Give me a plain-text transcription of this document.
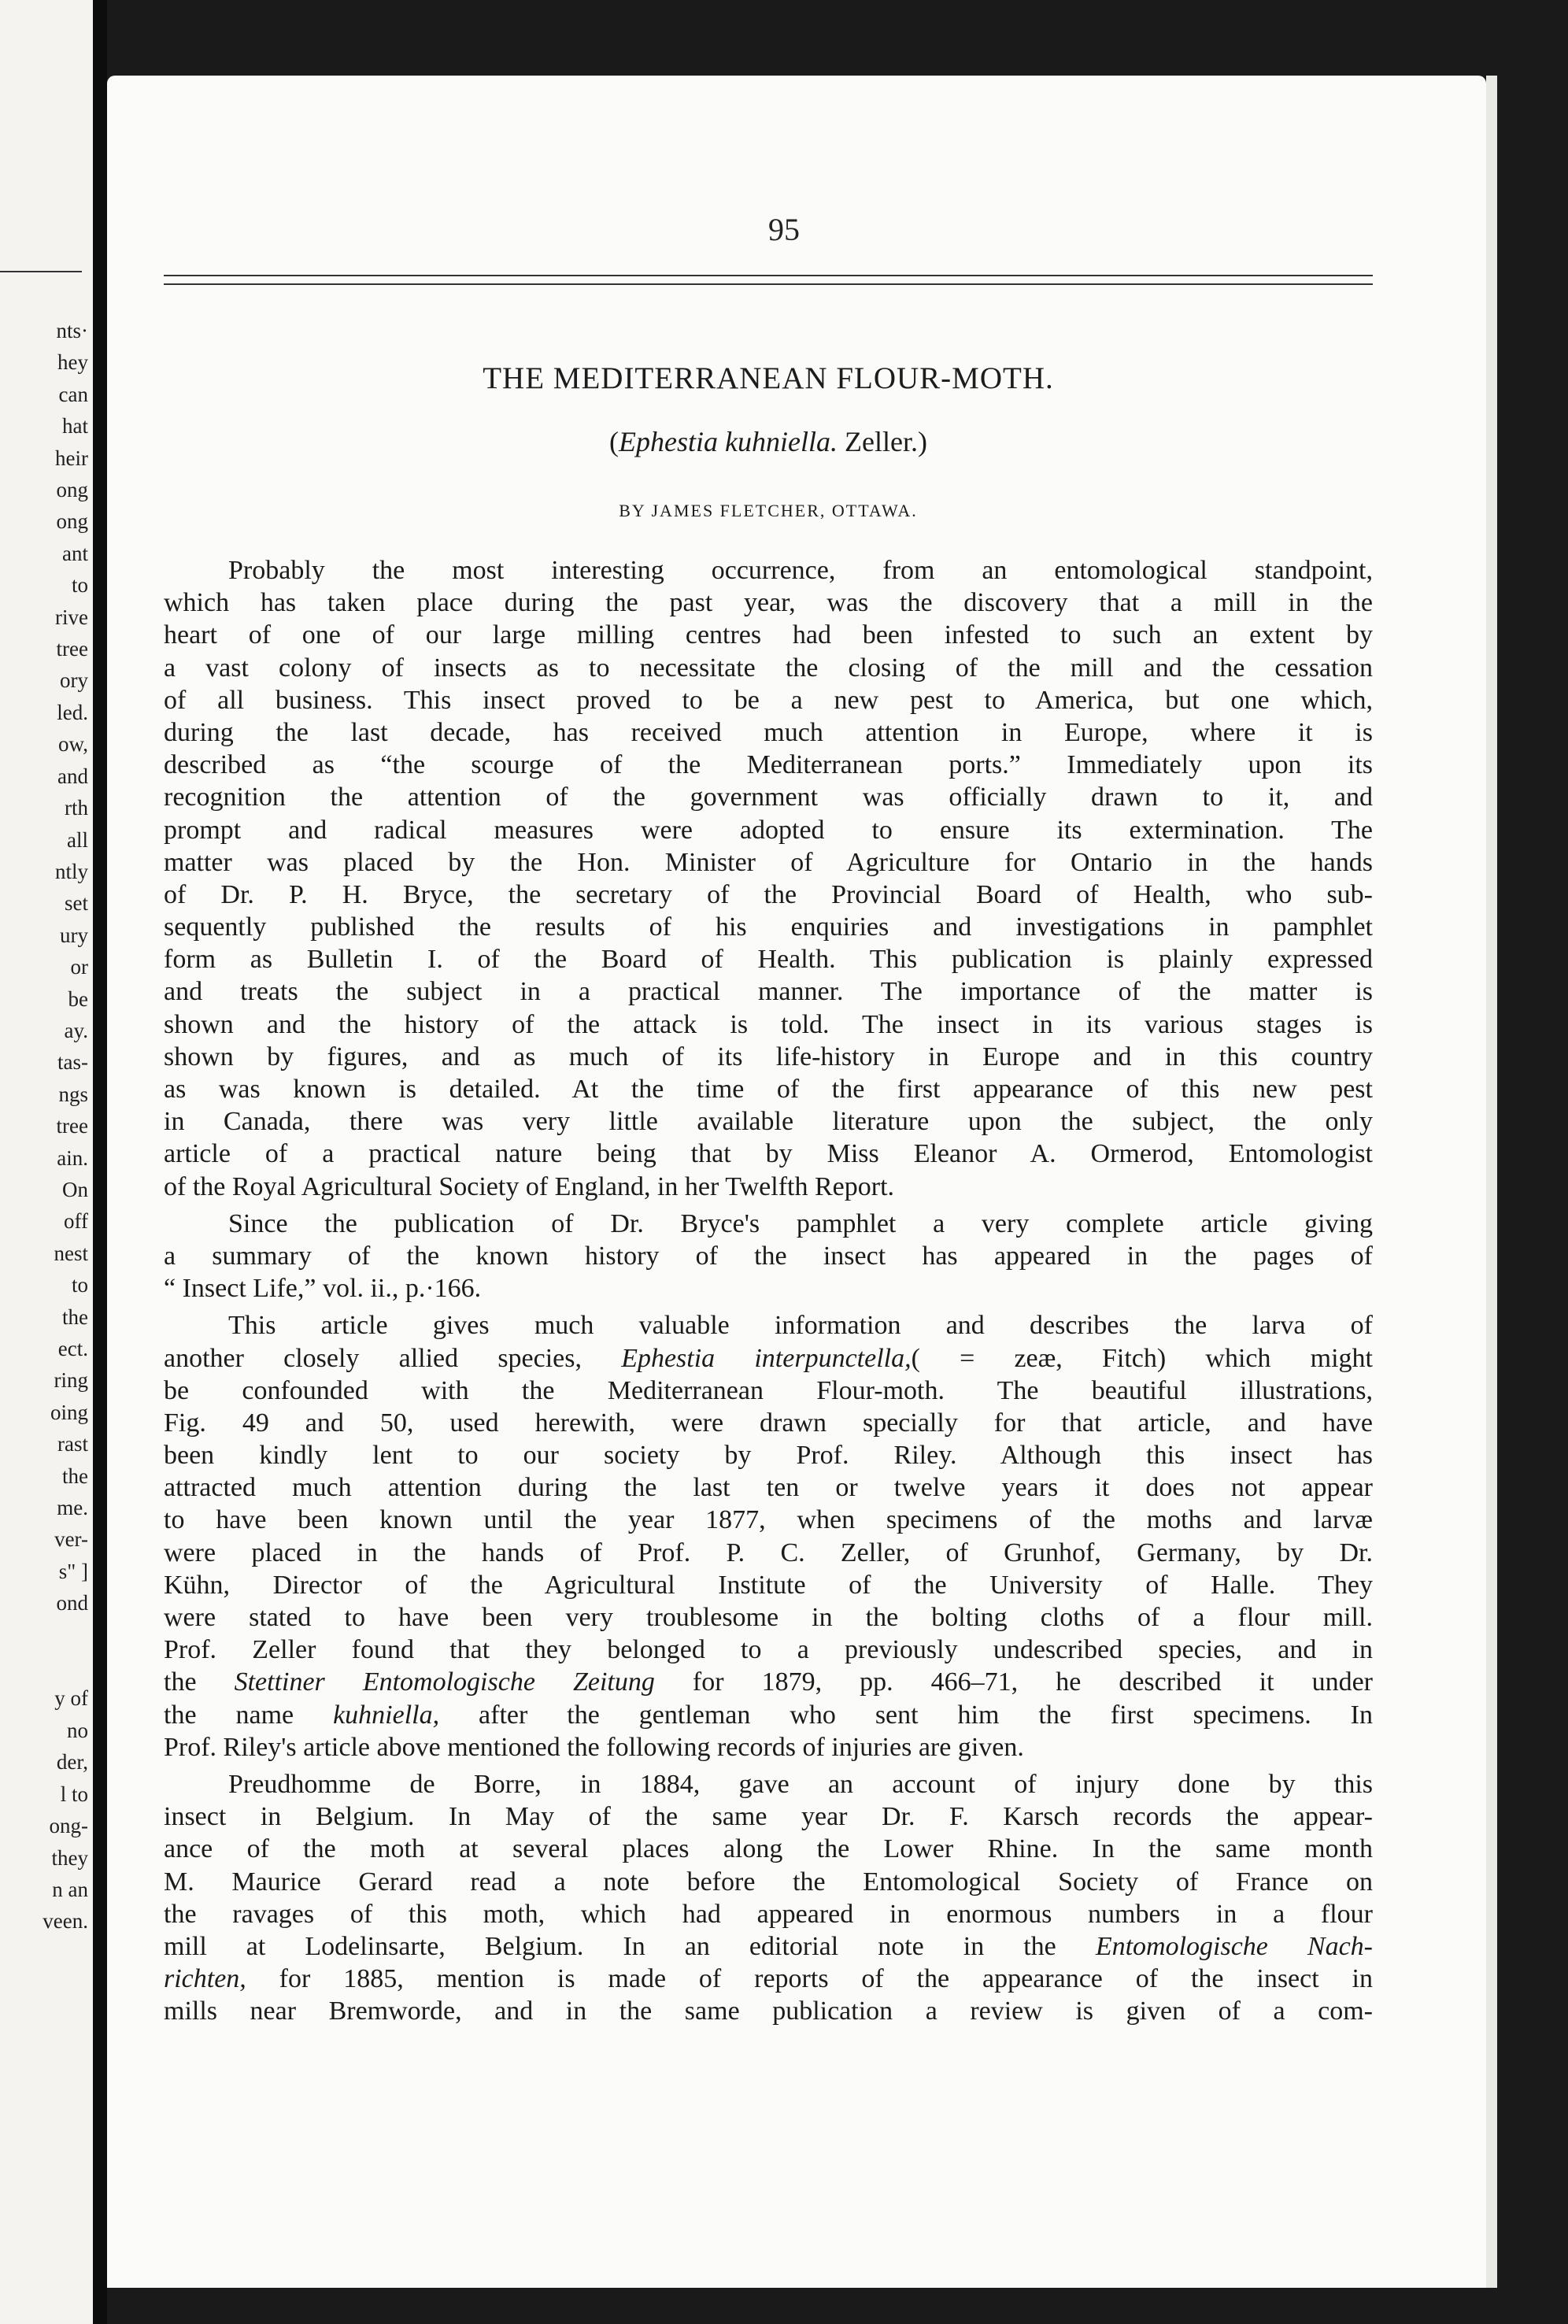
nts·
hey
can
hat
heir
ong
ong
ant
to
rive
tree
ory
led.
ow,
and
rth
all
ntly
set
ury
or
be
ay.
tas-
ngs
tree
ain.
On
off
nest
to
the
ect.
ring
oing
rast
the
me.
ver-
s" ]
ond

y of
no
der,
l to
ong-
they
n an
veen.
95
THE MEDITERRANEAN FLOUR-MOTH.
(Ephestia kuhniella. Zeller.)
BY JAMES FLETCHER, OTTAWA.
Probably the most interesting occurrence, from an entomological standpoint,
which has taken place during the past year, was the discovery that a mill in the
heart of one of our large milling centres had been infested to such an extent by
a vast colony of insects as to necessitate the closing of the mill and the cessation
of all business. This insect proved to be a new pest to America, but one which,
during the last decade, has received much attention in Europe, where it is
described as “the scourge of the Mediterranean ports.” Immediately upon its
recognition the attention of the government was officially drawn to it, and
prompt and radical measures were adopted to ensure its extermination. The
matter was placed by the Hon. Minister of Agriculture for Ontario in the hands
of Dr. P. H. Bryce, the secretary of the Provincial Board of Health, who sub-
sequently published the results of his enquiries and investigations in pamphlet
form as Bulletin I. of the Board of Health. This publication is plainly expressed
and treats the subject in a practical manner. The importance of the matter is
shown and the history of the attack is told. The insect in its various stages is
shown by figures, and as much of its life-history in Europe and in this country
as was known is detailed. At the time of the first appearance of this new pest
in Canada, there was very little available literature upon the subject, the only
article of a practical nature being that by Miss Eleanor A. Ormerod, Entomologist
of the Royal Agricultural Society of England, in her Twelfth Report.
Since the publication of Dr. Bryce's pamphlet a very complete article giving
a summary of the known history of the insect has appeared in the pages of
“ Insect Life,” vol. ii., p.·166.
This article gives much valuable information and describes the larva of
another closely allied species, Ephestia interpunctella,( = zeæ, Fitch) which might
be confounded with the Mediterranean Flour-moth. The beautiful illustrations,
Fig. 49 and 50, used herewith, were drawn specially for that article, and have
been kindly lent to our society by Prof. Riley. Although this insect has
attracted much attention during the last ten or twelve years it does not appear
to have been known until the year 1877, when specimens of the moths and larvæ
were placed in the hands of Prof. P. C. Zeller, of Grunhof, Germany, by Dr.
Kühn, Director of the Agricultural Institute of the University of Halle. They
were stated to have been very troublesome in the bolting cloths of a flour mill.
Prof. Zeller found that they belonged to a previously undescribed species, and in
the Stettiner Entomologische Zeitung for 1879, pp. 466–71, he described it under
the name kuhniella, after the gentleman who sent him the first specimens. In
Prof. Riley's article above mentioned the following records of injuries are given.
Preudhomme de Borre, in 1884, gave an account of injury done by this
insect in Belgium. In May of the same year Dr. F. Karsch records the appear-
ance of the moth at several places along the Lower Rhine. In the same month
M. Maurice Gerard read a note before the Entomological Society of France on
the ravages of this moth, which had appeared in enormous numbers in a flour
mill at Lodelinsarte, Belgium. In an editorial note in the Entomologische Nach-
richten, for 1885, mention is made of reports of the appearance of the insect in
mills near Bremworde, and in the same publication a review is given of a com-
